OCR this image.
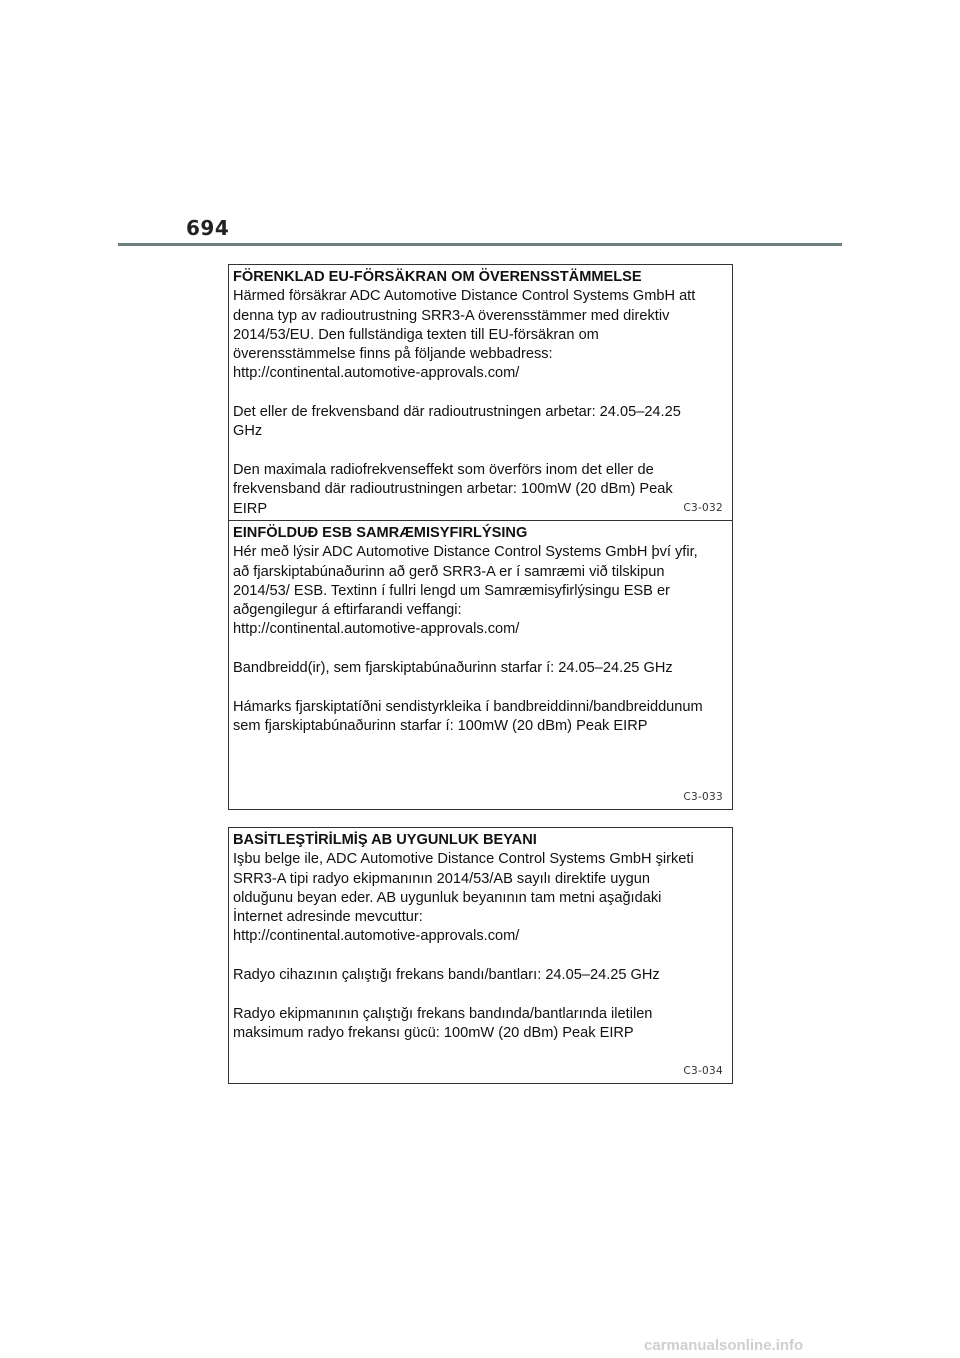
694
FÖRENKLAD EU-FÖRSÄKRAN OM ÖVERENSSTÄMMELSE
Härmed försäkrar ADC Automotive Distance Control Systems GmbH att
denna typ av radioutrustning SRR3-A överensstämmer med direktiv
2014/53/EU. Den fullständiga texten till EU-försäkran om
överensstämmelse finns på följande webbadress:
http://continental.automotive-approvals.com/
Det eller de frekvensband där radioutrustningen arbetar: 24.05–24.25
GHz
Den maximala radiofrekvenseffekt som överförs inom det eller de
frekvensband där radioutrustningen arbetar: 100mW (20 dBm) Peak
EIRP	C3-032
EINFÖLDUÐ ESB SAMRÆMISYFIRLÝSING
Hér með lýsir ADC Automotive Distance Control Systems GmbH því yfir,
að fjarskiptabúnaðurinn að gerð SRR3-A er í samræmi við tilskipun
2014/53/ ESB. Textinn í fullri lengd um Samræmisyfirlýsingu ESB er
aðgengilegur á eftirfarandi veffangi:
http://continental.automotive-approvals.com/
Bandbreidd(ir), sem fjarskiptabúnaðurinn starfar í: 24.05–24.25 GHz
Hámarks fjarskiptatíðni sendistyrkleika í bandbreiddinni/bandbreiddunum
sem fjarskiptabúnaðurinn starfar í: 100mW (20 dBm) Peak EIRP
C3-033
BASİTLEŞTİRİLMİŞ AB UYGUNLUK BEYANI
Işbu belge ile, ADC Automotive Distance Control Systems GmbH şirketi
SRR3-A tipi radyo ekipmanının 2014/53/AB sayılı direktife uygun
olduğunu beyan eder. AB uygunluk beyanının tam metni aşağıdaki
İnternet adresinde mevcuttur:
http://continental.automotive-approvals.com/
Radyo cihazının çalıştığı frekans bandı/bantları: 24.05–24.25 GHz
Radyo ekipmanının çalıştığı frekans bandında/bantlarında iletilen
maksimum radyo frekansı gücü: 100mW (20 dBm) Peak EIRP
C3-034
carmanualsonline.info
